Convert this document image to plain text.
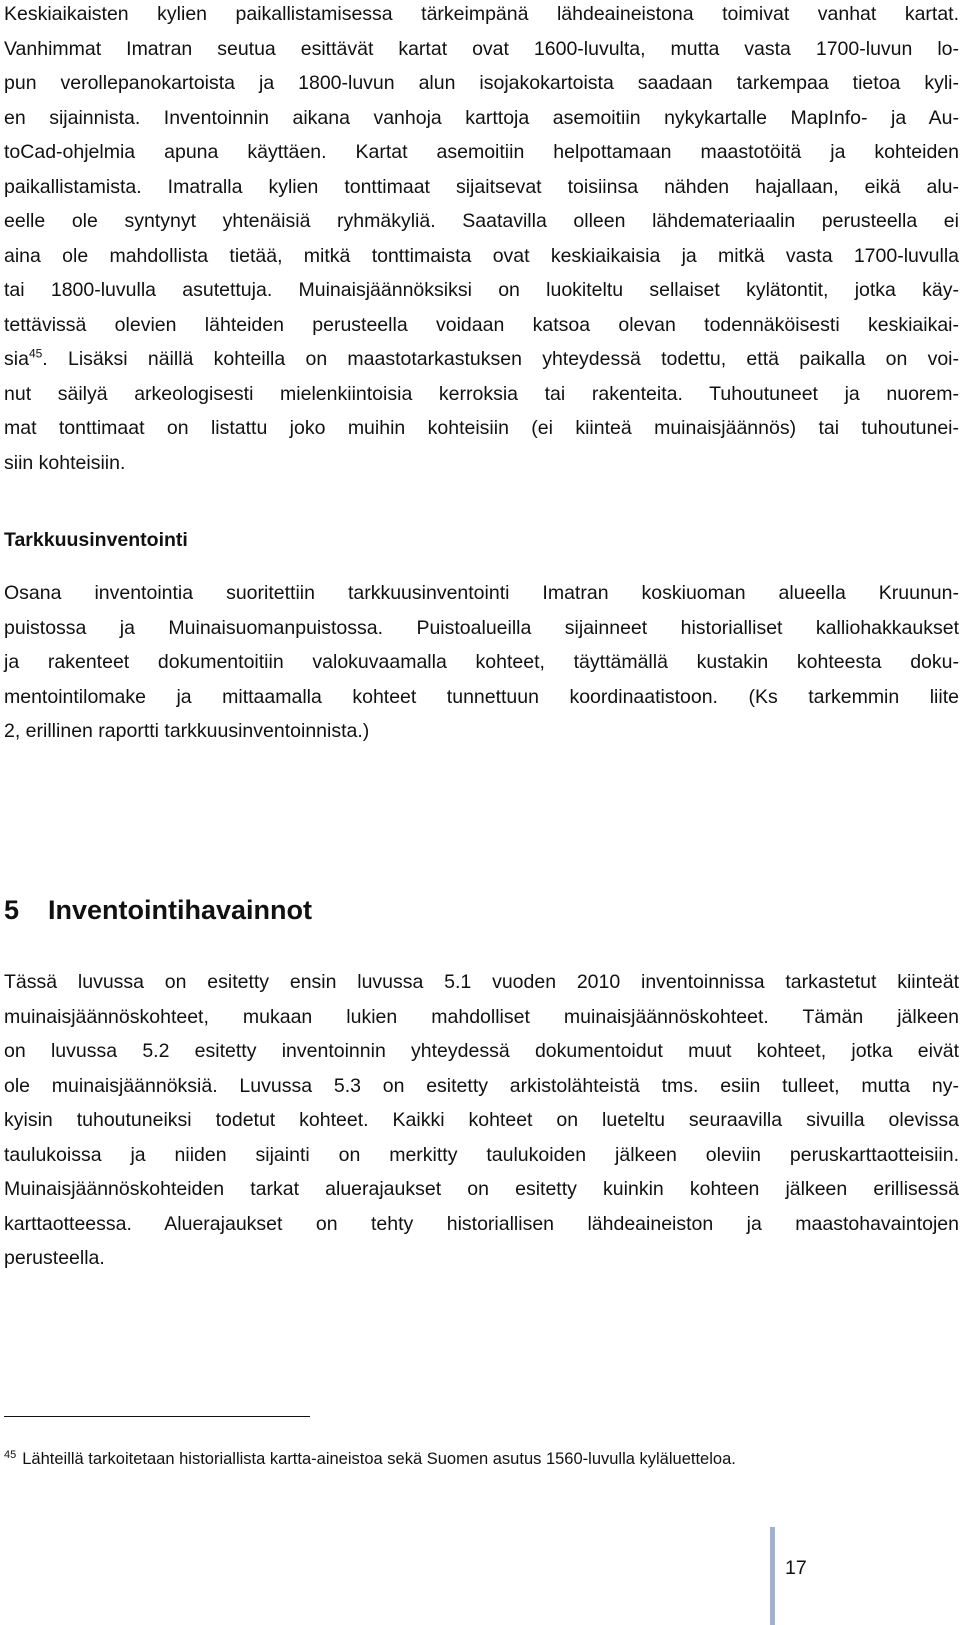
Keskiaikaisten kylien paikallistamisessa tärkeimpänä lähdeaineistona toimivat vanhat kartat.
Vanhimmat Imatran seutua esittävät kartat ovat 1600-luvulta, mutta vasta 1700-luvun lo-
pun verollepanokartoista ja 1800-luvun alun isojakokartoista saadaan tarkempaa tietoa kyli-
en sijainnista. Inventoinnin aikana vanhoja karttoja asemoitiin nykykartalle MapInfo- ja Au-
toCad-ohjelmia apuna käyttäen. Kartat asemoitiin helpottamaan maastotöitä ja kohteiden
paikallistamista. Imatralla kylien tonttimaat sijaitsevat toisiinsa nähden hajallaan, eikä alu-
eelle ole syntynyt yhtenäisiä ryhmäkyliä. Saatavilla olleen lähdemateriaalin perusteella ei
aina ole mahdollista tietää, mitkä tonttimaista ovat keskiaikaisia ja mitkä vasta 1700-luvulla
tai 1800-luvulla asutettuja. Muinaisjäännöksiksi on luokiteltu sellaiset kylätontit, jotka käy-
tettävissä olevien lähteiden perusteella voidaan katsoa olevan todennäköisesti keskiaikai-
sia$^{45}$. Lisäksi näillä kohteilla on maastotarkastuksen yhteydessä todettu, että paikalla on voi-
nut säilyä arkeologisesti mielenkiintoisia kerroksia tai rakenteita. Tuhoutuneet ja nuorem-
mat tonttimaat on listattu joko muihin kohteisiin (ei kiinteä muinaisjäännös) tai tuhoutunei-
siin kohteisiin.
Tarkkuusinventointi
Osana inventointia suoritettiin tarkkuusinventointi Imatran koskiuoman alueella Kruunun-
puistossa ja Muinaisuomanpuistossa. Puistoalueilla sijainneet historialliset kalliohakkaukset
ja rakenteet dokumentoitiin valokuvaamalla kohteet, täyttämällä kustakin kohteesta doku-
mentointilomake ja mittaamalla kohteet tunnettuun koordinaatistoon. (Ks tarkemmin liite
2, erillinen raportti tarkkuusinventoinnista.)
5 Inventointihavainnot
Tässä luvussa on esitetty ensin luvussa 5.1 vuoden 2010 inventoinnissa tarkastetut kiinteät
muinaisjäännöskohteet, mukaan lukien mahdolliset muinaisjäännöskohteet. Tämän jälkeen
on luvussa 5.2 esitetty inventoinnin yhteydessä dokumentoidut muut kohteet, jotka eivät
ole muinaisjäännöksiä. Luvussa 5.3 on esitetty arkistolähteistä tms. esiin tulleet, mutta ny-
kyisin tuhoutuneiksi todetut kohteet. Kaikki kohteet on lueteltu seuraavilla sivuilla olevissa
taulukoissa ja niiden sijainti on merkitty taulukoiden jälkeen oleviin peruskarttaotteisiin.
Muinaisjäännöskohteiden tarkat aluerajaukset on esitetty kuinkin kohteen jälkeen erillisessä
karttaotteessa. Aluerajaukset on tehty historiallisen lähdeaineiston ja maastohavaintojen
perusteella.

$^{45}$ Lähteillä tarkoitetaan historiallista kartta-aineistoa sekä Suomen asutus 1560-luvulla kyläluetteloa.

17
